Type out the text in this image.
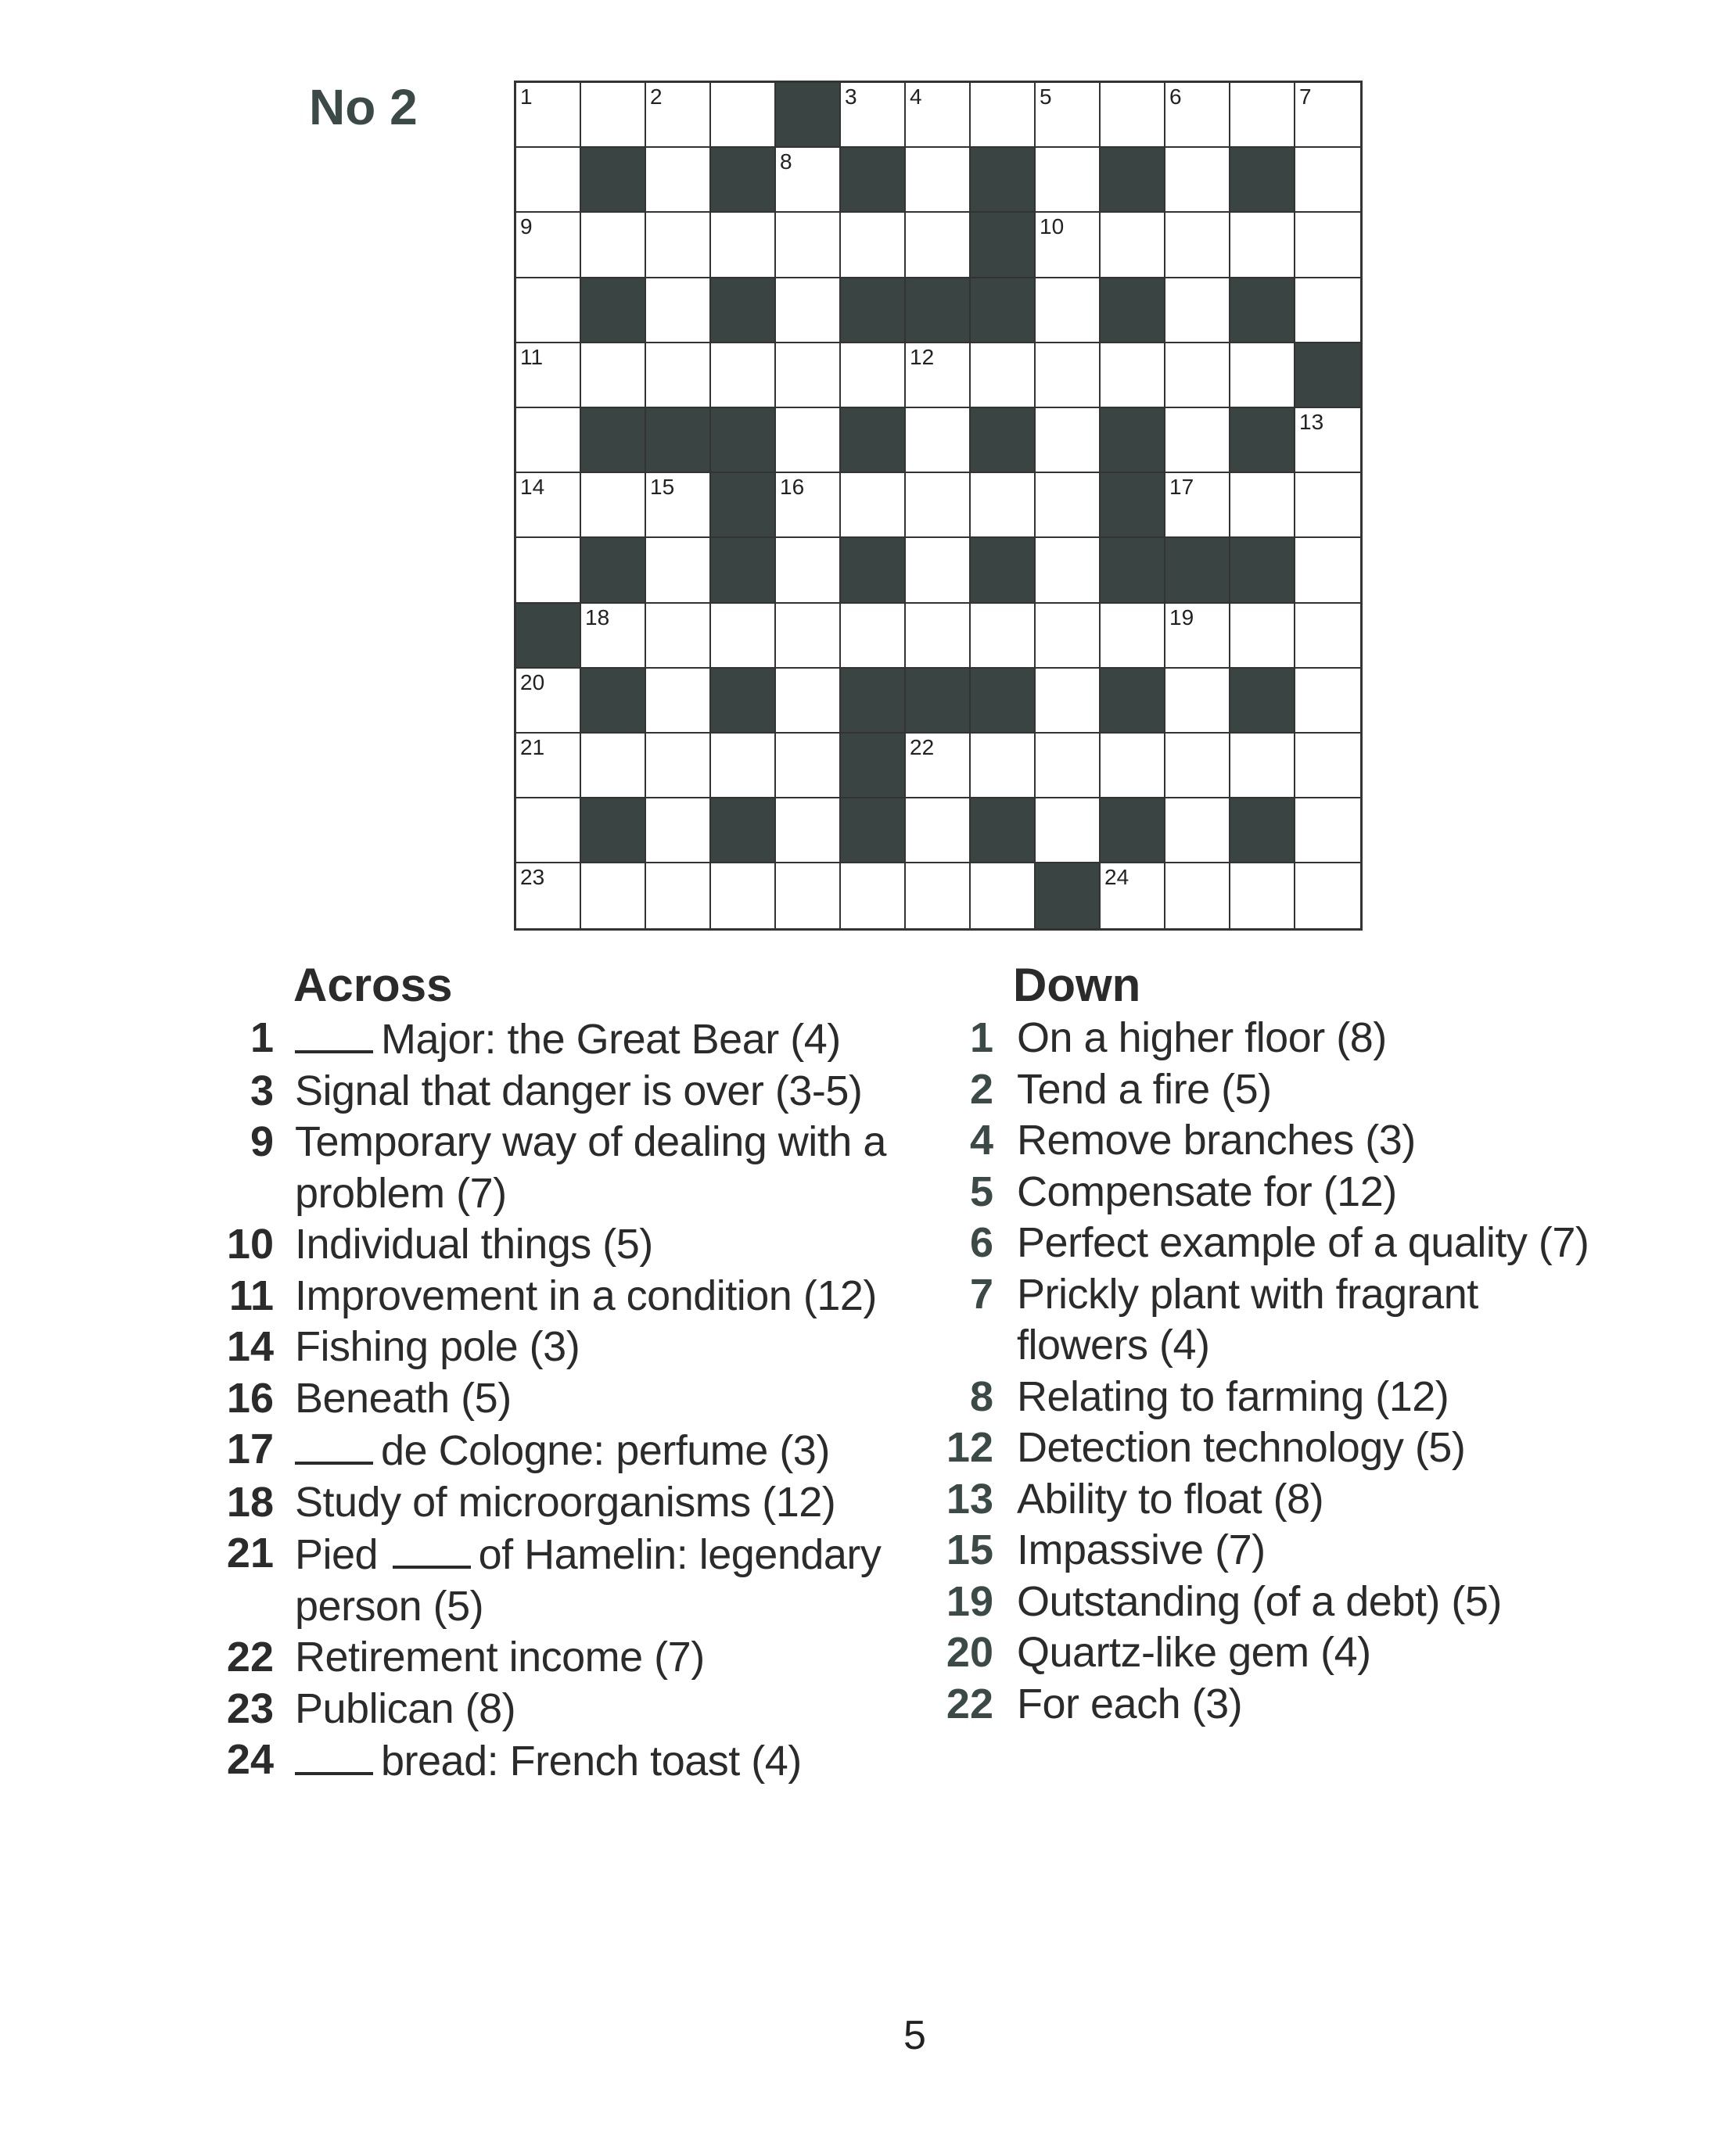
No 2	1	2	3 4	5	6	7
8
9	10
11	12
13
14	15	16	17
18	19
20
21	22
23	24
Across
1	Major: the Great Bear (4)
3 Signal that danger is over (3-5)
9 Temporary way of dealing with a problem (7)
10 Individual things (5)
11 Improvement in a condition (12)
14 Fishing pole (3)
16 Beneath (5)
17	de Cologne: perfume (3)
18 Study of microorganisms (12)
21 Pied of Hamelin: legendary person (5)
22 Retirement income (7)
23 Publican (8)
24	bread: French toast (4)
Down
1 On a higher floor (8)
2 Tend a fire (5)
4 Remove branches (3)
5 Compensate for (12)
6 Perfect example of a quality (7)
7 Prickly plant with fragrant flowers (4)
8 Relating to farming (12)
12 Detection technology (5)
13 Ability to float (8)
15 Impassive (7)
19 Outstanding (of a debt) (5)
20 Quartz-like gem (4)
22 For each (3)
5
